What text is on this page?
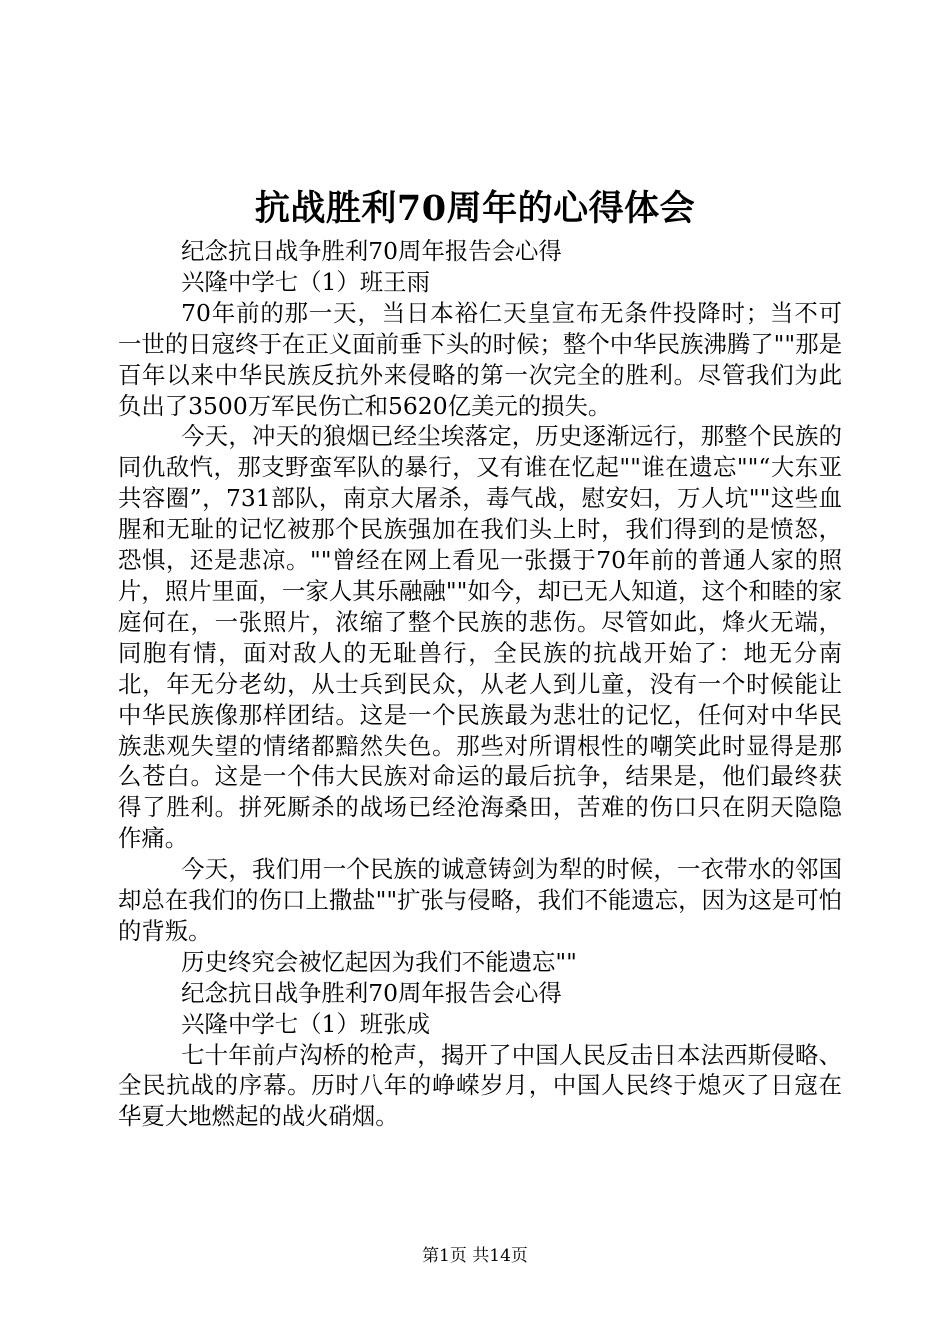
抗战胜利70周年的心得体会

纪念抗日战争胜利70周年报告会心得

兴隆中学七（1）班王雨

70年前的那一天，当日本裕仁天皇宣布无条件投降时；当不可一世的日寇终于在正义面前垂下头的时候；整个中华民族沸腾了""那是百年以来中华民族反抗外来侵略的第一次完全的胜利。尽管我们为此负出了3500万军民伤亡和5620亿美元的损失。

今天，冲天的狼烟已经尘埃落定，历史逐渐远行，那整个民族的同仇敌忾，那支野蛮军队的暴行，又有谁在忆起""谁在遗忘""“大东亚共容圈”，731部队，南京大屠杀，毒气战，慰安妇，万人坑""这些血腥和无耻的记忆被那个民族强加在我们头上时，我们得到的是愤怒，恐惧，还是悲凉。""曾经在网上看见一张摄于70年前的普通人家的照片，照片里面，一家人其乐融融""如今，却已无人知道，这个和睦的家庭何在，一张照片，浓缩了整个民族的悲伤。尽管如此，烽火无端，同胞有情，面对敌人的无耻兽行，全民族的抗战开始了：地无分南北，年无分老幼，从士兵到民众，从老人到儿童，没有一个时候能让中华民族像那样团结。这是一个民族最为悲壮的记忆，任何对中华民族悲观失望的情绪都黯然失色。那些对所谓根性的嘲笑此时显得是那么苍白。这是一个伟大民族对命运的最后抗争，结果是，他们最终获得了胜利。拼死厮杀的战场已经沧海桑田，苦难的伤口只在阴天隐隐作痛。

今天，我们用一个民族的诚意铸剑为犁的时候，一衣带水的邻国却总在我们的伤口上撒盐""扩张与侵略，我们不能遗忘，因为这是可怕的背叛。

历史终究会被忆起因为我们不能遗忘""

纪念抗日战争胜利70周年报告会心得

兴隆中学七（1）班张成

七十年前卢沟桥的枪声，揭开了中国人民反击日本法西斯侵略、全民抗战的序幕。历时八年的峥嵘岁月，中国人民终于熄灭了日寇在华夏大地燃起的战火硝烟。

第1页 共14页
